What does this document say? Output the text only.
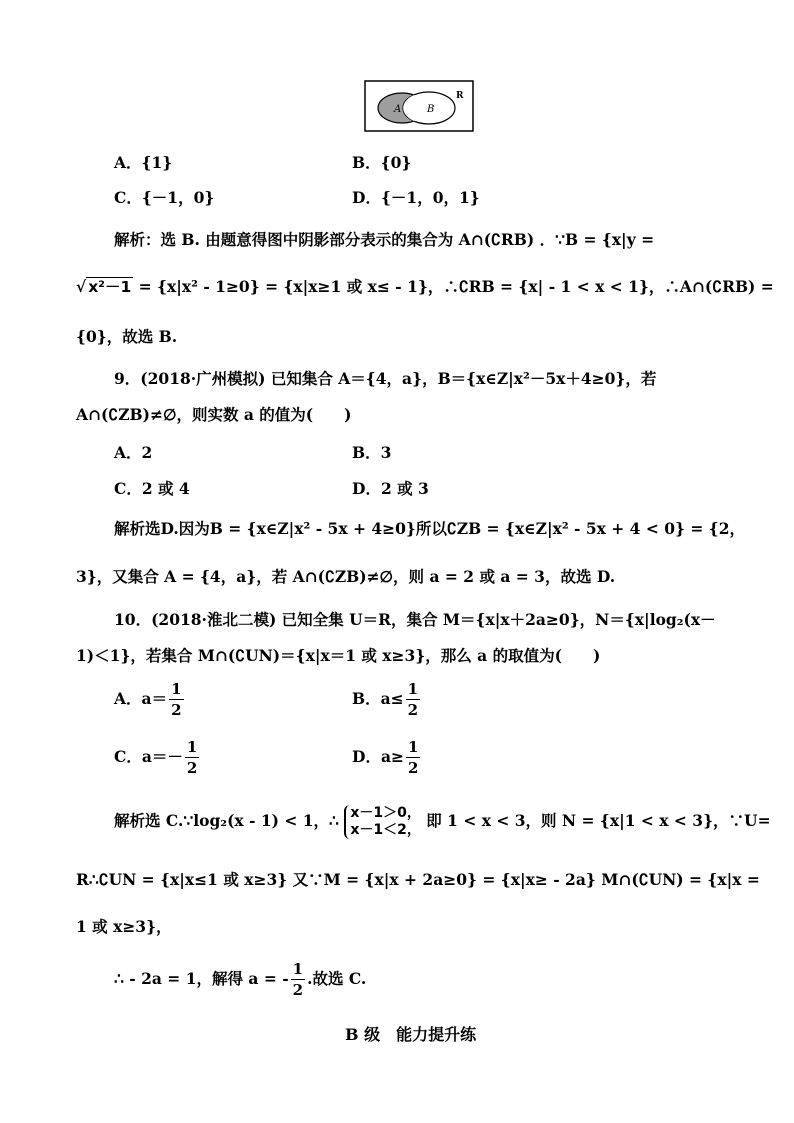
A	B
R
A．{1}	B．{0}
C．{－1，0}	D．{－1，0，1}
解析：选 B. 由题意得图中阴影部分表示的集合为 A∩(∁RB) ．∵B = {x|y =
√ x²－1 = {x|x² - 1≥0} = {x|x≥1 或 x≤ - 1}，∴∁RB = {x| - 1 < x < 1}，∴A∩(∁RB) =
{0}，故选 B.
9．(2018·广州模拟) 已知集合 A＝{4，a}，B＝{x∈Z|x²－5x＋4≥0}，若
A∩(∁ZB)≠∅，则实数 a 的值为(　　)
A．2	B．3
C．2 或 4	D．2 或 3
解析选D.因为B = {x∈Z|x² - 5x + 4≥0}所以∁ZB = {x∈Z|x² - 5x + 4 < 0} = {2，
3}，又集合 A = {4，a}，若 A∩(∁ZB)≠∅，则 a = 2 或 a = 3，故选 D.
10．(2018·淮北二模) 已知全集 U＝R，集合 M＝{x|x＋2a≥0}，N＝{x|log₂(x－
1)＜1}，若集合 M∩(∁UN)＝{x|x＝1 或 x≥3}，那么 a 的取值为(　　)
A．$a= \frac{1}{2}$	B．$a\le \frac{1}{2}$
C．$a=- \frac{1}{2}$	D．$a\ge \frac{1}{2}$
解析选 C.∵log₂(x - 1) < 1，∴ x－1＞0，
x－1＜2， 即 1 < x < 3，则 N = {x|1 < x < 3}，∵U=
R∴∁UN = {x|x≤1 或 x≥3} 又∵M = {x|x + 2a≥0} = {x|x≥ - 2a} M∩(∁UN) = {x|x =
1 或 x≥3}，
∴ - 2a = 1，解得 a = - $\frac{1}{2}$ .故选 C.
B 级　能力提升练
